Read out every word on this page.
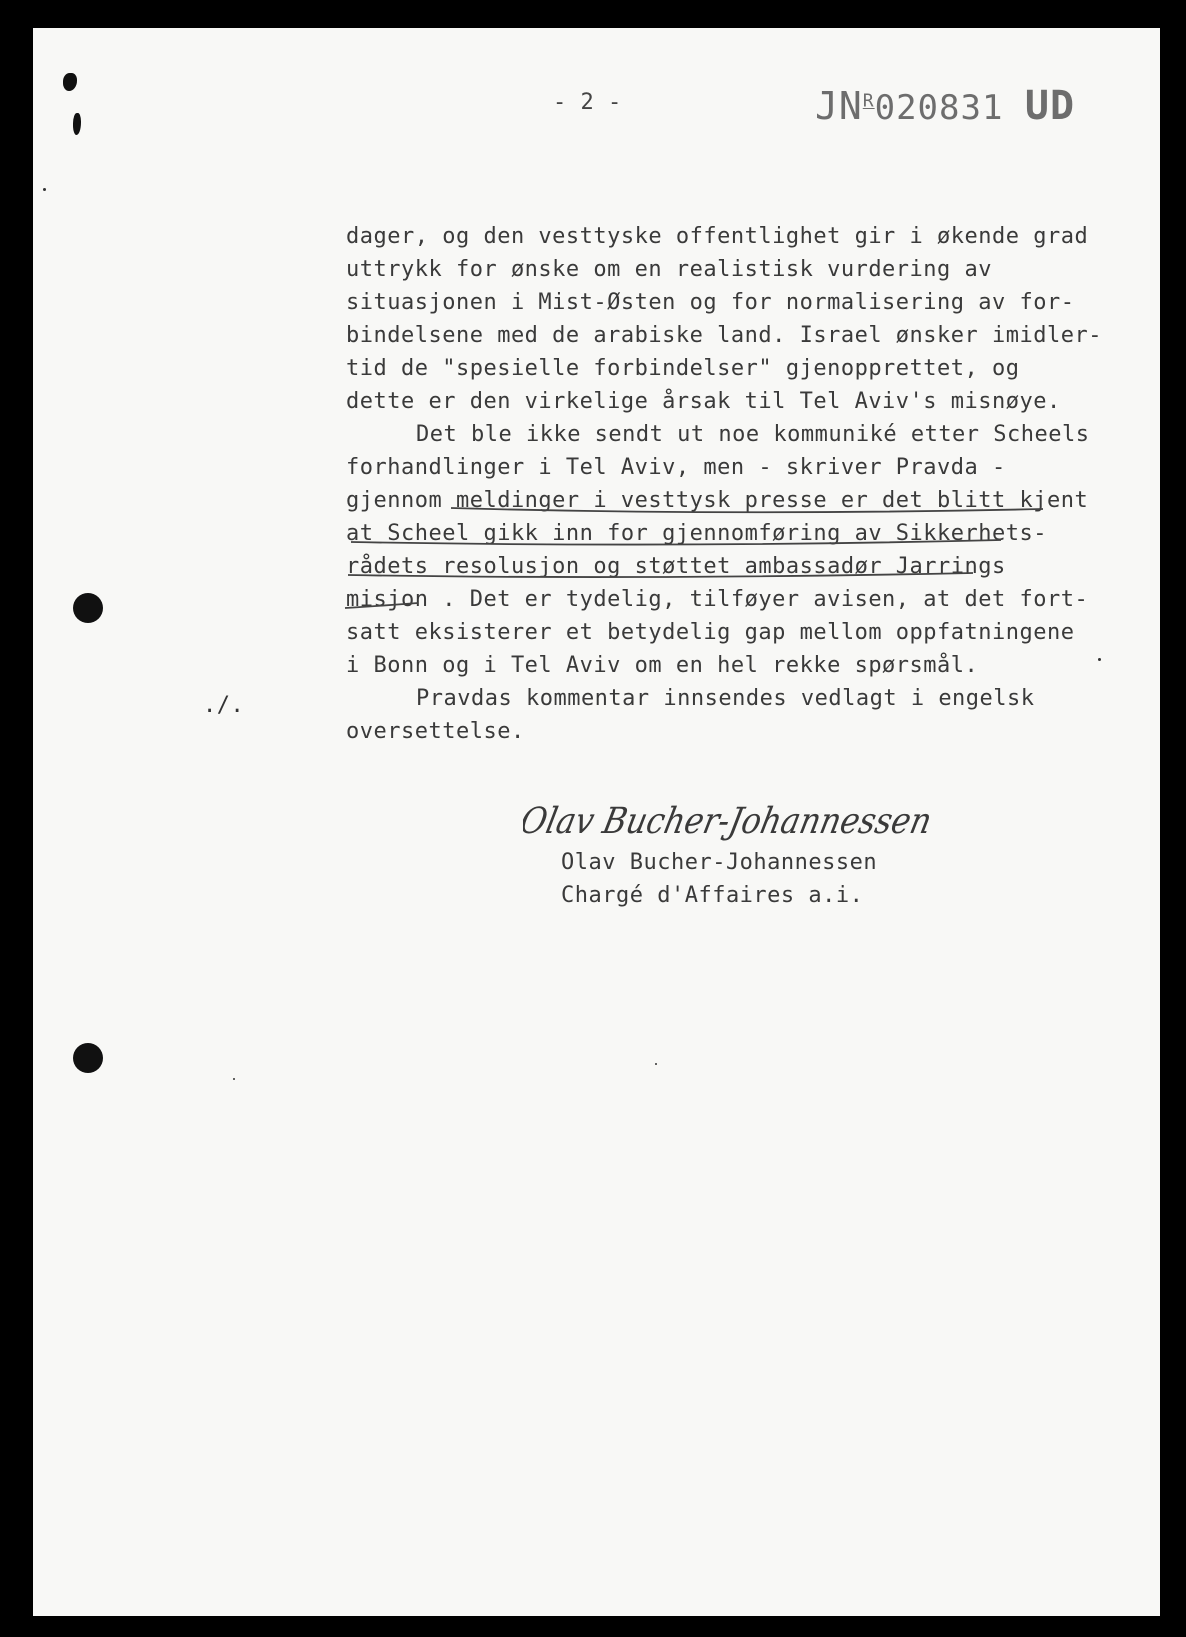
- 2 -	$JN^R020831$ UD
./.
dager, og den vesttyske offentlighet gir i økende grad
uttrykk for ønske om en realistisk vurdering av
situasjonen i Mist-Østen og for normalisering av for-
bindelsene med de arabiske land. Israel ønsker imidler-
tid de "spesielle forbindelser" gjenopprettet, og
dette er den virkelige årsak til Tel Aviv's misnøye.
Det ble ikke sendt ut noe kommuniké etter Scheels
forhandlinger i Tel Aviv, men - skriver Pravda -
gjennom meldinger i vesttysk presse er det blitt kjent
at Scheel gikk inn for gjennomføring av Sikkerhets-
rådets resolusjon og støttet ambassadør Jarrings
misjon . Det er tydelig, tilføyer avisen, at det fort-
satt eksisterer et betydelig gap mellom oppfatningene
i Bonn og i Tel Aviv om en hel rekke spørsmål.
Pravdas kommentar innsendes vedlagt i engelsk
oversettelse.
Olav Bucher-Johannessen
Olav Bucher-Johannessen
Chargé d'Affaires a.i.
